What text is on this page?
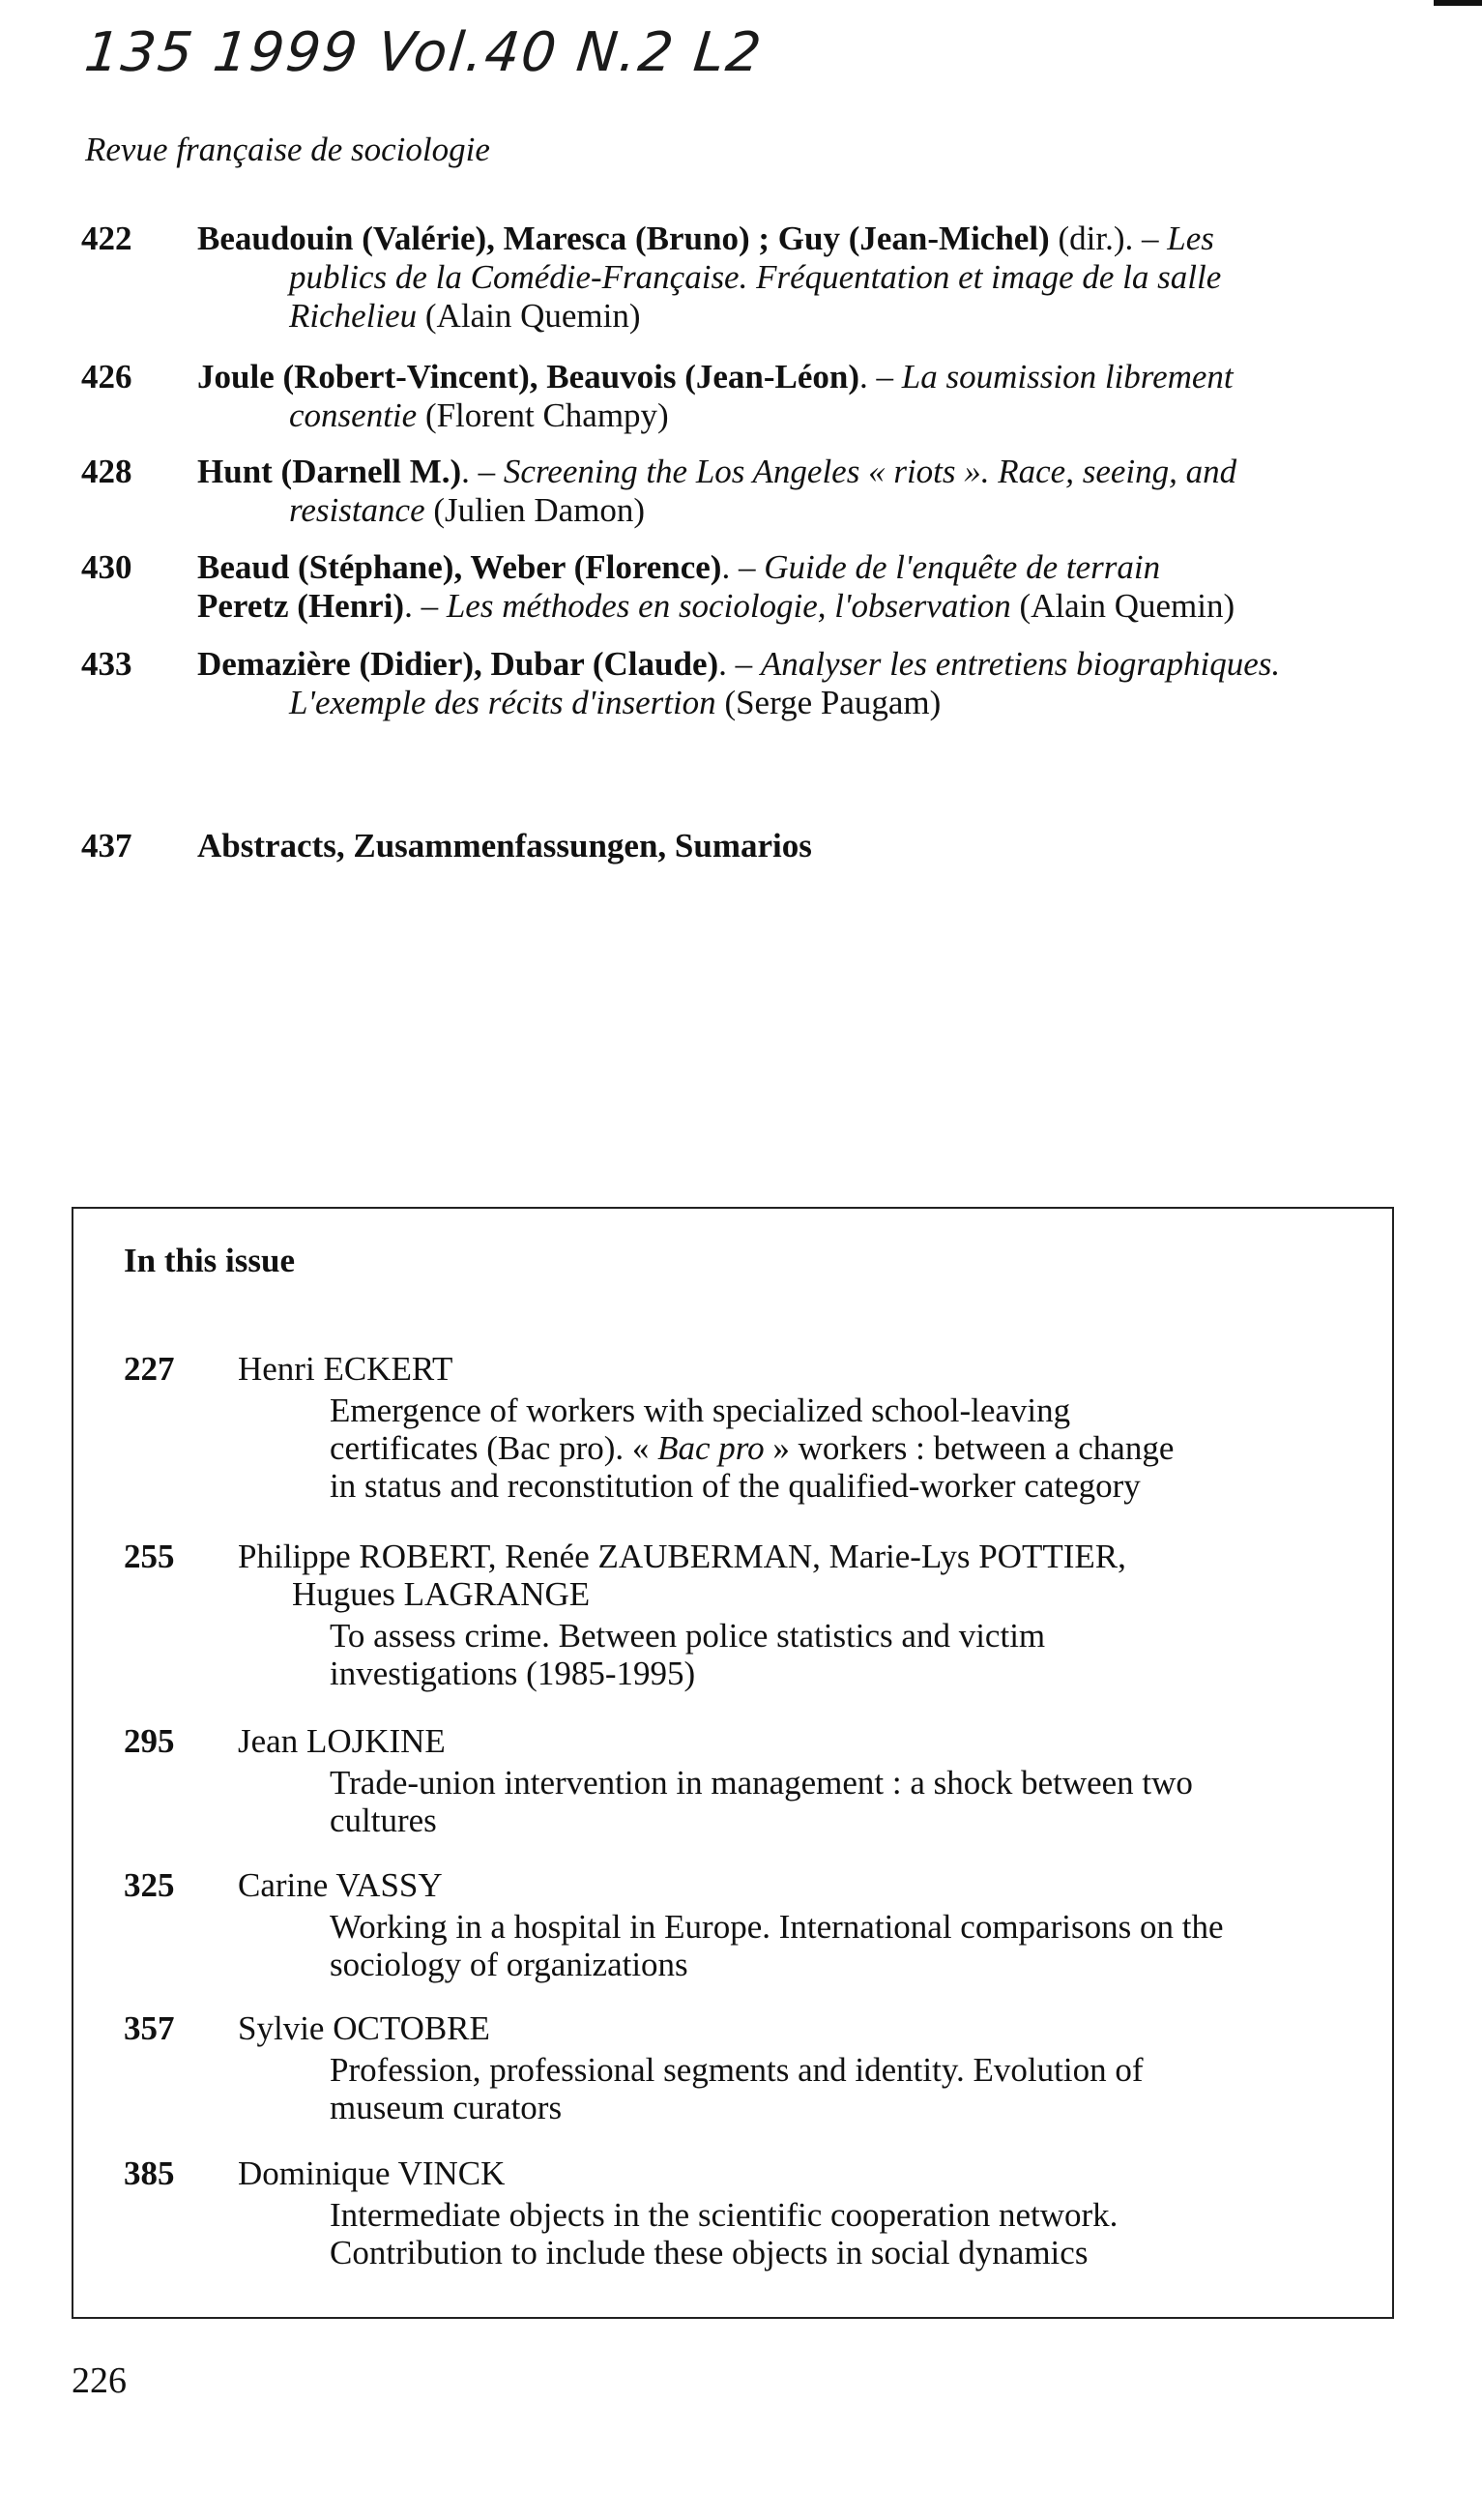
135 1999 Vol.40 N.2 L2
Revue française de sociologie
422 Beaudouin (Valérie), Maresca (Bruno) ; Guy (Jean-Michel) (dir.). – Les
publics de la Comédie-Française. Fréquentation et image de la salle
Richelieu (Alain Quemin)
426 Joule (Robert-Vincent), Beauvois (Jean-Léon). – La soumission librement
consentie (Florent Champy)
428 Hunt (Darnell M.). – Screening the Los Angeles « riots ». Race, seeing, and
resistance (Julien Damon)
430 Beaud (Stéphane), Weber (Florence). – Guide de l'enquête de terrain
Peretz (Henri). – Les méthodes en sociologie, l'observation (Alain Quemin)
433 Demazière (Didier), Dubar (Claude). – Analyser les entretiens biographiques.
L'exemple des récits d'insertion (Serge Paugam)
437 Abstracts, Zusammenfassungen, Sumarios
In this issue
227 Henri ECKERT
Emergence of workers with specialized school-leaving
certificates (Bac pro). « Bac pro » workers : between a change
in status and reconstitution of the qualified-worker category
255 Philippe ROBERT, Renée ZAUBERMAN, Marie-Lys POTTIER,
Hugues LAGRANGE
To assess crime. Between police statistics and victim
investigations (1985-1995)
295 Jean LOJKINE
Trade-union intervention in management : a shock between two
cultures
325 Carine VASSY
Working in a hospital in Europe. International comparisons on the
sociology of organizations
357 Sylvie OCTOBRE
Profession, professional segments and identity. Evolution of
museum curators
385 Dominique VINCK
Intermediate objects in the scientific cooperation network.
Contribution to include these objects in social dynamics
226
